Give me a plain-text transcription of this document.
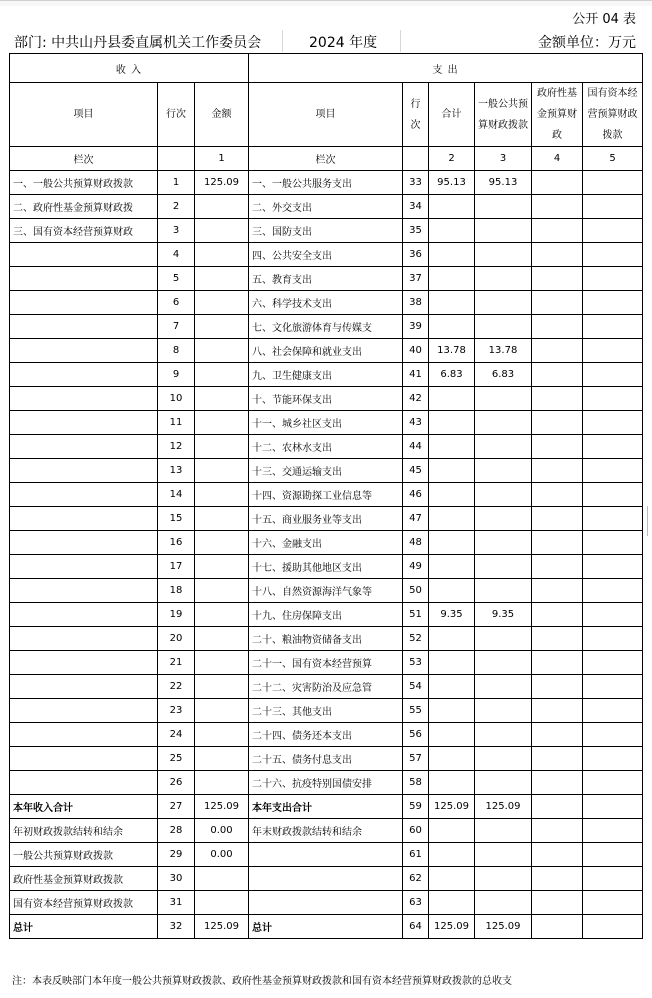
公开 04 表
部门: 中共山丹县委直属机关工作委员会	2024 年度	金额单位：万元
收 入			支 出					
项目	行次	金额	项目	行次	合计	一般公共预算财政拨款	政府性基金预算财政	国有资本经营预算财政拨款
栏次		1	栏次		2	3	4	5
一、一般公共预算财政拨款	1	125.09	一、一般公共服务支出	33	95.13	95.13		
二、政府性基金预算财政拨	2		二、外交支出	34				
三、国有资本经营预算财政	3		三、国防支出	35				
	4		四、公共安全支出	36				
	5		五、教育支出	37				
	6		六、科学技术支出	38				
	7		七、文化旅游体育与传媒支	39				
	8		八、社会保障和就业支出	40	13.78	13.78		
	9		九、卫生健康支出	41	6.83	6.83		
	10		十、节能环保支出	42				
	11		十一、城乡社区支出	43				
	12		十二、农林水支出	44				
	13		十三、交通运输支出	45				
	14		十四、资源勘探工业信息等	46				
	15		十五、商业服务业等支出	47				
	16		十六、金融支出	48				
	17		十七、援助其他地区支出	49				
	18		十八、自然资源海洋气象等	50				
	19		十九、住房保障支出	51	9.35	9.35		
	20		二十、粮油物资储备支出	52				
	21		二十一、国有资本经营预算	53				
	22		二十二、灾害防治及应急管	54				
	23		二十三、其他支出	55				
	24		二十四、债务还本支出	56				
	25		二十五、债务付息支出	57				
	26		二十六、抗疫特别国债安排	58				
本年收入合计	27	125.09	本年支出合计	59	125.09	125.09		
年初财政拨款结转和结余	28	0.00	年末财政拨款结转和结余	60				
一般公共预算财政拨款	29	0.00		61				
政府性基金预算财政拨款	30			62				
国有资本经营预算财政拨款	31			63				
总计	32	125.09	总计	64	125.09	125.09		
注：本表反映部门本年度一般公共预算财政拨款、政府性基金预算财政拨款和国有资本经营预算财政拨款的总收支
